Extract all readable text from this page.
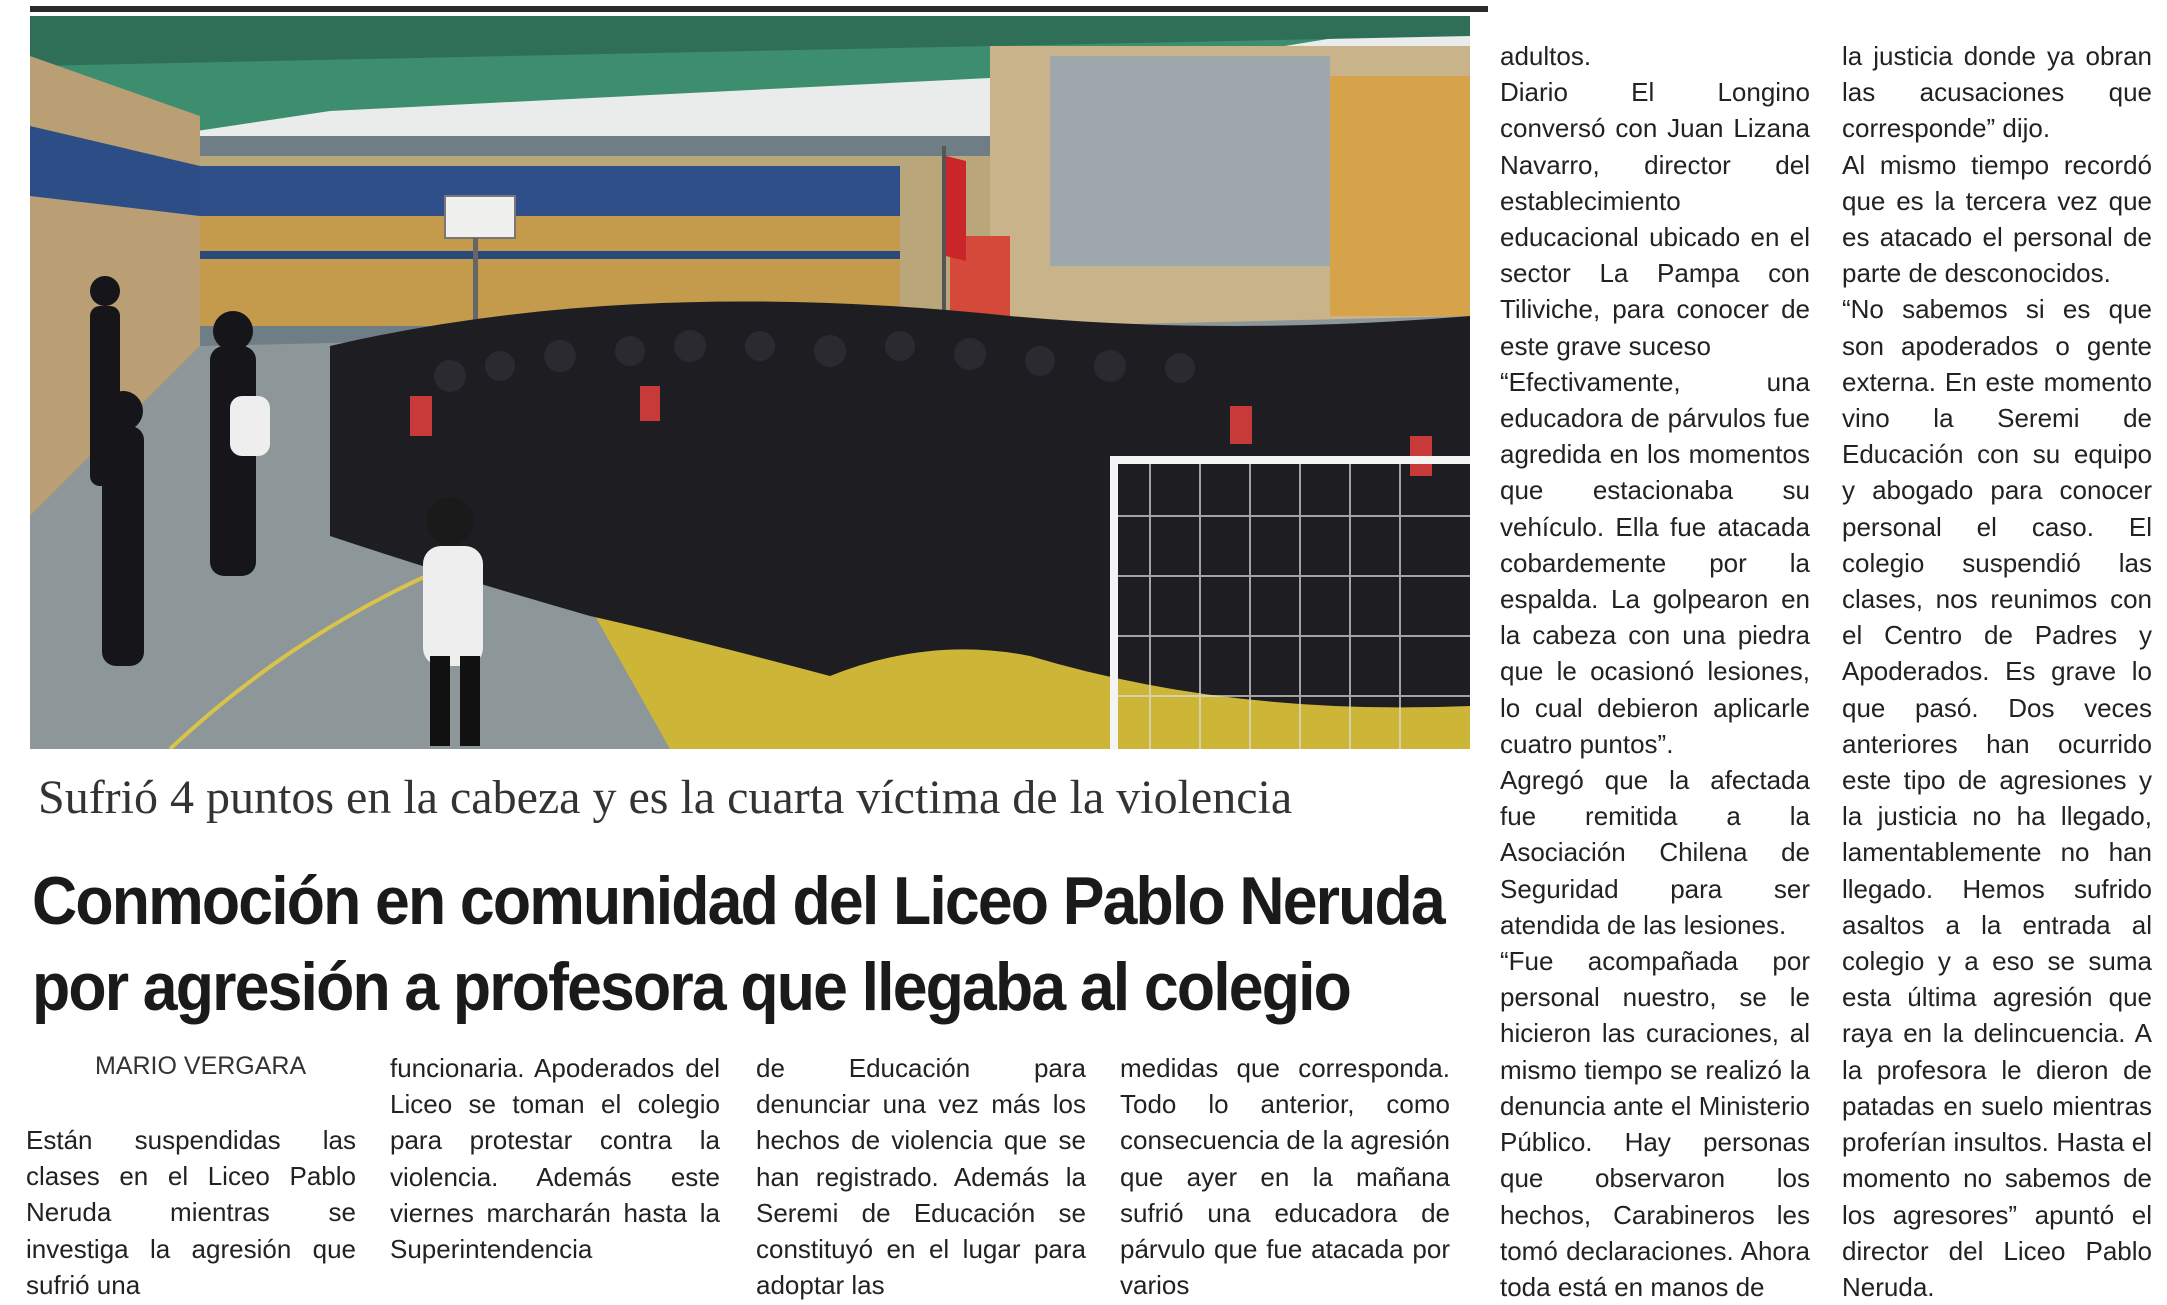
Sufrió 4 puntos en la cabeza y es la cuarta víctima de la violencia
Conmoción en comunidad del Liceo Pablo Neruda
por agresión a profesora que llegaba al colegio
MARIO VERGARA

Están suspendidas las clases en el Liceo Pablo Neruda mientras se investiga la agresión que sufrió una

funcionaria. Apoderados del Liceo se toman el colegio para protestar contra la violencia. Además este viernes marcharán hasta la Superintendencia

de Educación para denunciar una vez más los hechos de violencia que se han registrado. Además la Seremi de Educación se constituyó en el lugar para adoptar las

medidas que corresponda. Todo lo anterior, como consecuencia de la agresión que ayer en la mañana sufrió una educadora de párvulo que fue atacada por varios

adultos.

Diario El Longino conversó con Juan Lizana Navarro, director del establecimiento educacional ubicado en el sector La Pampa con Tiliviche, para conocer de este grave suceso

“Efectivamente, una educadora de párvulos fue agredida en los momentos que estacionaba su vehículo. Ella fue atacada cobardemente por la espalda. La golpearon en la cabeza con una piedra que le ocasionó lesiones, lo cual debieron aplicarle cuatro puntos”.

Agregó que la afectada fue remitida a la Asociación Chilena de Seguridad para ser atendida de las lesiones.

“Fue acompañada por personal nuestro, se le hicieron las curaciones, al mismo tiempo se realizó la denuncia ante el Ministerio Público. Hay personas que observaron los hechos, Carabineros les tomó declaraciones. Ahora toda está en manos de

la justicia donde ya obran las acusaciones que corresponde” dijo.

Al mismo tiempo recordó que es la tercera vez que es atacado el personal de parte de desconocidos.

“No sabemos si es que son apoderados o gente externa. En este momento vino la Seremi de Educación con su equipo y abogado para conocer personal el caso. El colegio suspendió las clases, nos reunimos con el Centro de Padres y Apoderados. Es grave lo que pasó. Dos veces anteriores han ocurrido este tipo de agresiones y la justicia no ha llegado, lamentablemente no han llegado. Hemos sufrido asaltos a la entrada al colegio y a eso se suma esta última agresión que raya en la delincuencia. A la profesora le dieron de patadas en suelo mientras proferían insultos. Hasta el momento no sabemos de los agresores” apuntó el director del Liceo Pablo Neruda.
